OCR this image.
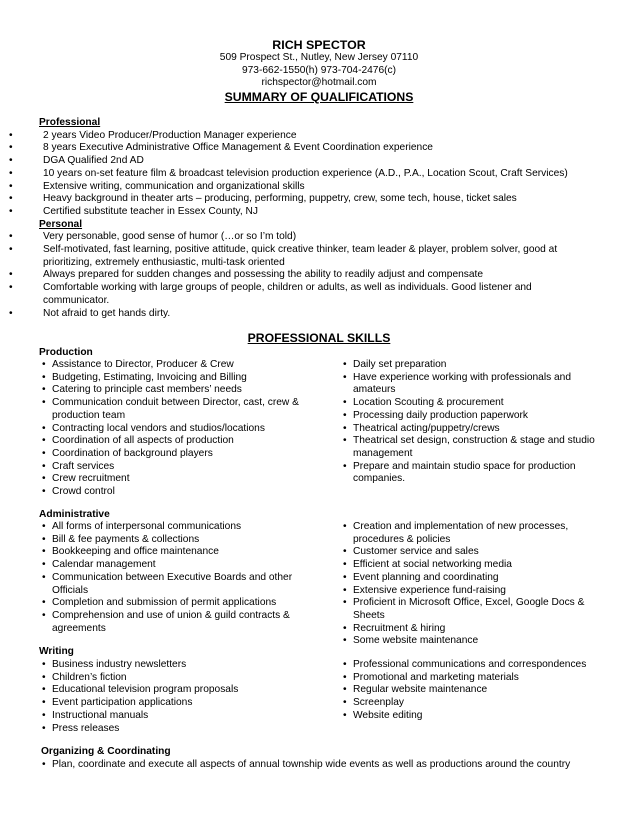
RICH SPECTOR
509 Prospect St., Nutley, New Jersey 07110
973-662-1550(h) 973-704-2476(c)
richspector@hotmail.com
SUMMARY OF QUALIFICATIONS
Professional
•	2 years Video Producer/Production Manager experience
•	8 years Executive Administrative Office Management & Event Coordination experience
•	DGA Qualified 2nd AD
•	10 years on-set feature film & broadcast television production experience (A.D., P.A., Location Scout, Craft Services)
•	Extensive writing, communication and organizational skills
•	Heavy background in theater arts – producing, performing, puppetry, crew, some tech, house, ticket sales
•	Certified substitute teacher in Essex County, NJ
Personal
•	Very personable, good sense of humor (…or so I’m told)
•	Self-motivated, fast learning, positive attitude, quick creative thinker, team leader & player, problem solver, good at prioritizing, extremely enthusiastic, multi-task oriented
•	Always prepared for sudden changes and possessing the ability to readily adjust and compensate
•	Comfortable working with large groups of people, children or adults, as well as individuals. Good listener and communicator.
•	Not afraid to get hands dirty.
PROFESSIONAL SKILLS
Production
• Assistance to Director, Producer & Crew
• Budgeting, Estimating, Invoicing and Billing
• Catering to principle cast members’ needs
• Communication conduit between Director, cast, crew & production team
• Contracting local vendors and studios/locations
• Coordination of all aspects of production
• Coordination of background players
• Craft services
• Crew recruitment
• Crowd control
• Daily set preparation
• Have experience working with professionals and amateurs
• Location Scouting & procurement
• Processing daily production paperwork
• Theatrical acting/puppetry/crews
• Theatrical set design, construction & stage and studio management
• Prepare and maintain studio space for production companies.
Administrative
• All forms of interpersonal communications
• Bill & fee payments & collections
• Bookkeeping and office maintenance
• Calendar management
• Communication between Executive Boards and other Officials
• Completion and submission of permit applications
• Comprehension and use of union & guild contracts & agreements
• Creation and implementation of new processes, procedures & policies
• Customer service and sales
• Efficient at social networking media
• Event planning and coordinating
• Extensive experience fund-raising
• Proficient in Microsoft Office, Excel, Google Docs & Sheets
• Recruitment & hiring
• Some website maintenance
Writing
• Business industry newsletters
• Children’s fiction
• Educational television program proposals
• Event participation applications
• Instructional manuals
• Press releases
• Professional communications and correspondences
• Promotional and marketing materials
• Regular website maintenance
• Screenplay
• Website editing
Organizing & Coordinating
• Plan, coordinate and execute all aspects of annual township wide events as well as productions around the country
